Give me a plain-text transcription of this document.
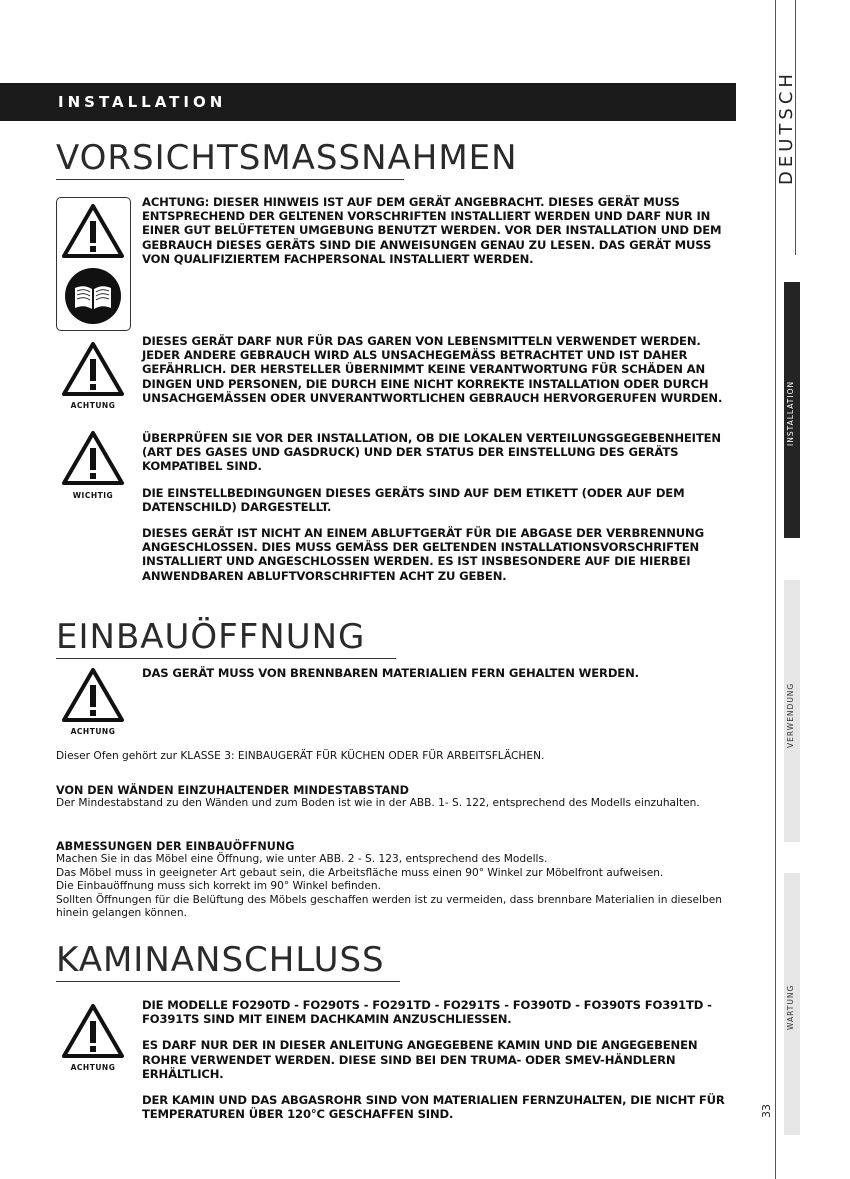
INSTALLATION	DEUTSCH
INSTALLATION
VERWENDUNG
WARTUNG
33
VORSICHTSMASSNAHMEN

ACHTUNG: DIESER HINWEIS IST AUF DEM GERÄT ANGEBRACHT. DIESES GERÄT MUSS ENTSPRECHEND DER GELTENEN VORSCHRIFTEN INSTALLIERT WERDEN UND DARF NUR IN EINER GUT BELÜFTETEN UMGEBUNG BENUTZT WERDEN. VOR DER INSTALLATION UND DEM GEBRAUCH DIESES GERÄTS SIND DIE ANWEISUNGEN GENAU ZU LESEN. DAS GERÄT MUSS VON QUALIFIZIERTEM FACHPERSONAL INSTALLIERT WERDEN.

ACHTUNG

DIESES GERÄT DARF NUR FÜR DAS GAREN VON LEBENSMITTELN VERWENDET WERDEN. JEDER ANDERE GEBRAUCH WIRD ALS UNSACHEGEMÄSS BETRACHTET UND IST DAHER GEFÄHRLICH. DER HERSTELLER ÜBERNIMMT KEINE VERANTWORTUNG FÜR SCHÄDEN AN DINGEN UND PERSONEN, DIE DURCH EINE NICHT KORREKTE INSTALLATION ODER DURCH UNSACHGEMÄSSEN ODER UNVERANTWORTLICHEN GEBRAUCH HERVORGERUFEN WURDEN.

WICHTIG

ÜBERPRÜFEN SIE VOR DER INSTALLATION, OB DIE LOKALEN VERTEILUNGSGEGEBENHEITEN (ART DES GASES UND GASDRUCK) UND DER STATUS DER EINSTELLUNG DES GERÄTS KOMPATIBEL SIND.

DIE EINSTELLBEDINGUNGEN DIESES GERÄTS SIND AUF DEM ETIKETT (ODER AUF DEM DATENSCHILD) DARGESTELLT.

DIESES GERÄT IST NICHT AN EINEM ABLUFTGERÄT FÜR DIE ABGASE DER VERBRENNUNG ANGESCHLOSSEN. DIES MUSS GEMÄSS DER GELTENDEN INSTALLATIONSVORSCHRIFTEN INSTALLIERT UND ANGESCHLOSSEN WERDEN. ES IST INSBESONDERE AUF DIE HIERBEI ANWENDBAREN ABLUFTVORSCHRIFTEN ACHT ZU GEBEN.

EINBAUÖFFNUNG
ACHTUNG

DAS GERÄT MUSS VON BRENNBAREN MATERIALIEN FERN GEHALTEN WERDEN.

Dieser Ofen gehört zur KLASSE 3: EINBAUGERÄT FÜR KÜCHEN ODER FÜR ARBEITSFLÄCHEN.

VON DEN WÄNDEN EINZUHALTENDER MINDESTABSTAND

Der Mindestabstand zu den Wänden und zum Boden ist wie in der ABB. 1- S. 122, entsprechend des Modells einzuhalten.

ABMESSUNGEN DER EINBAUÖFFNUNG

Machen Sie in das Möbel eine Öffnung, wie unter ABB. 2 - S. 123, entsprechend des Modells.

Das Möbel muss in geeigneter Art gebaut sein, die Arbeitsfläche muss einen 90° Winkel zur Möbelfront aufweisen.

Die Einbauöffnung muss sich korrekt im 90° Winkel befinden.

Sollten Öffnungen für die Belüftung des Möbels geschaffen werden ist zu vermeiden, dass brennbare Materialien in dieselben hinein gelangen können.

KAMINANSCHLUSS
ACHTUNG

DIE MODELLE FO290TD - FO290TS - FO291TD - FO291TS - FO390TD - FO390TS FO391TD - FO391TS SIND MIT EINEM DACHKAMIN ANZUSCHLIESSEN.

ES DARF NUR DER IN DIESER ANLEITUNG ANGEGEBENE KAMIN UND DIE ANGEGEBENEN ROHRE VERWENDET WERDEN. DIESE SIND BEI DEN TRUMA- ODER SMEV-HÄNDLERN ERHÄLTLICH.

DER KAMIN UND DAS ABGASROHR SIND VON MATERIALIEN FERNZUHALTEN, DIE NICHT FÜR TEMPERATUREN ÜBER 120°C GESCHAFFEN SIND.
